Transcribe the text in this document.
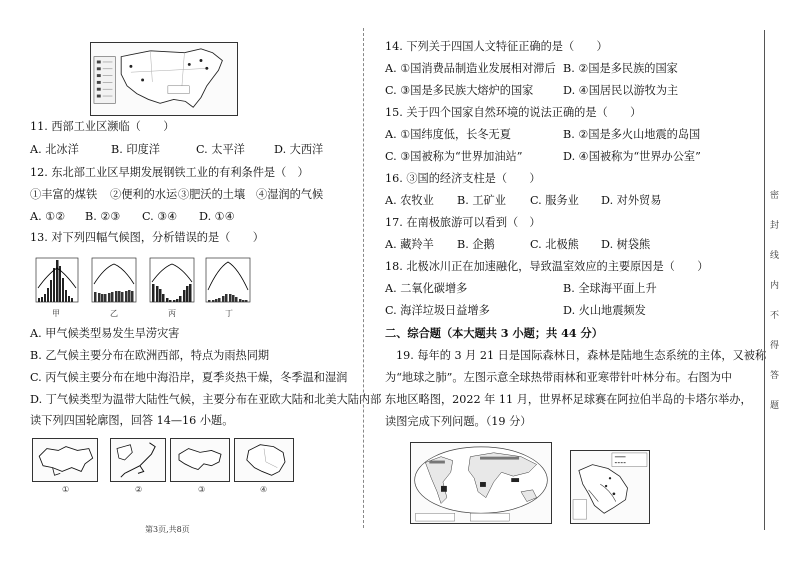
11. 西部工业区濒临（　　）
A. 北冰洋	B. 印度洋	C. 太平洋	D. 大西洋
12. 东北部工业区早期发展钢铁工业的有利条件是（　）
①丰富的煤铁 ②便利的水运 ③肥沃的土壤 ④湿润的气候
A. ①② B. ②③ C. ③④ D. ①④
13. 对下列四幅气候图，分析错误的是（　　）
甲	乙	丙	丁
A. 甲气候类型易发生旱涝灾害
B. 乙气候主要分布在欧洲西部，特点为雨热同期
C. 丙气候主要分布在地中海沿岸，夏季炎热干燥，冬季温和湿润
D. 丁气候类型为温带大陆性气候，主要分布在亚欧大陆和北美大陆内部
读下列四国轮廓图，回答 14—16 小题。
①	②	③	④
第3页,共8页
14. 下列关于四国人文特征正确的是（　　）
A. ①国消费品制造业发展相对滞后 B. ②国是多民族的国家
C. ③国是多民族大熔炉的国家	D. ④国居民以游牧为主
15. 关于四个国家自然环境的说法正确的是（　　）
A. ①国纬度低，长冬无夏	B. ②国是多火山地震的岛国
C. ③国被称为“世界加油站”	D. ④国被称为“世界办公室”
16. ③国的经济支柱是（　　）
A. 农牧业 B. 工矿业 C. 服务业 D. 对外贸易
17. 在南极旅游可以看到（　）
A. 藏羚羊 B. 企鹅	C. 北极熊 D. 树袋熊
18. 北极冰川正在加速融化，导致温室效应的主要原因是（　　）
A. 二氧化碳增多	B. 全球海平面上升
C. 海洋垃圾日益增多	D. 火山地震频发
二、综合题（本大题共 3 小题；共 44 分）
19. 每年的 3 月 21 日是国际森林日，森林是陆地生态系统的主体，又被称
为“地球之肺”。左图示意全球热带雨林和亚寒带针叶林分布。右图为中
东地区略图，2022 年 11 月，世界杯足球赛在阿拉伯半岛的卡塔尔举办，
读图完成下列问题。（19 分）
密　封　线　内　不　得　答　题
